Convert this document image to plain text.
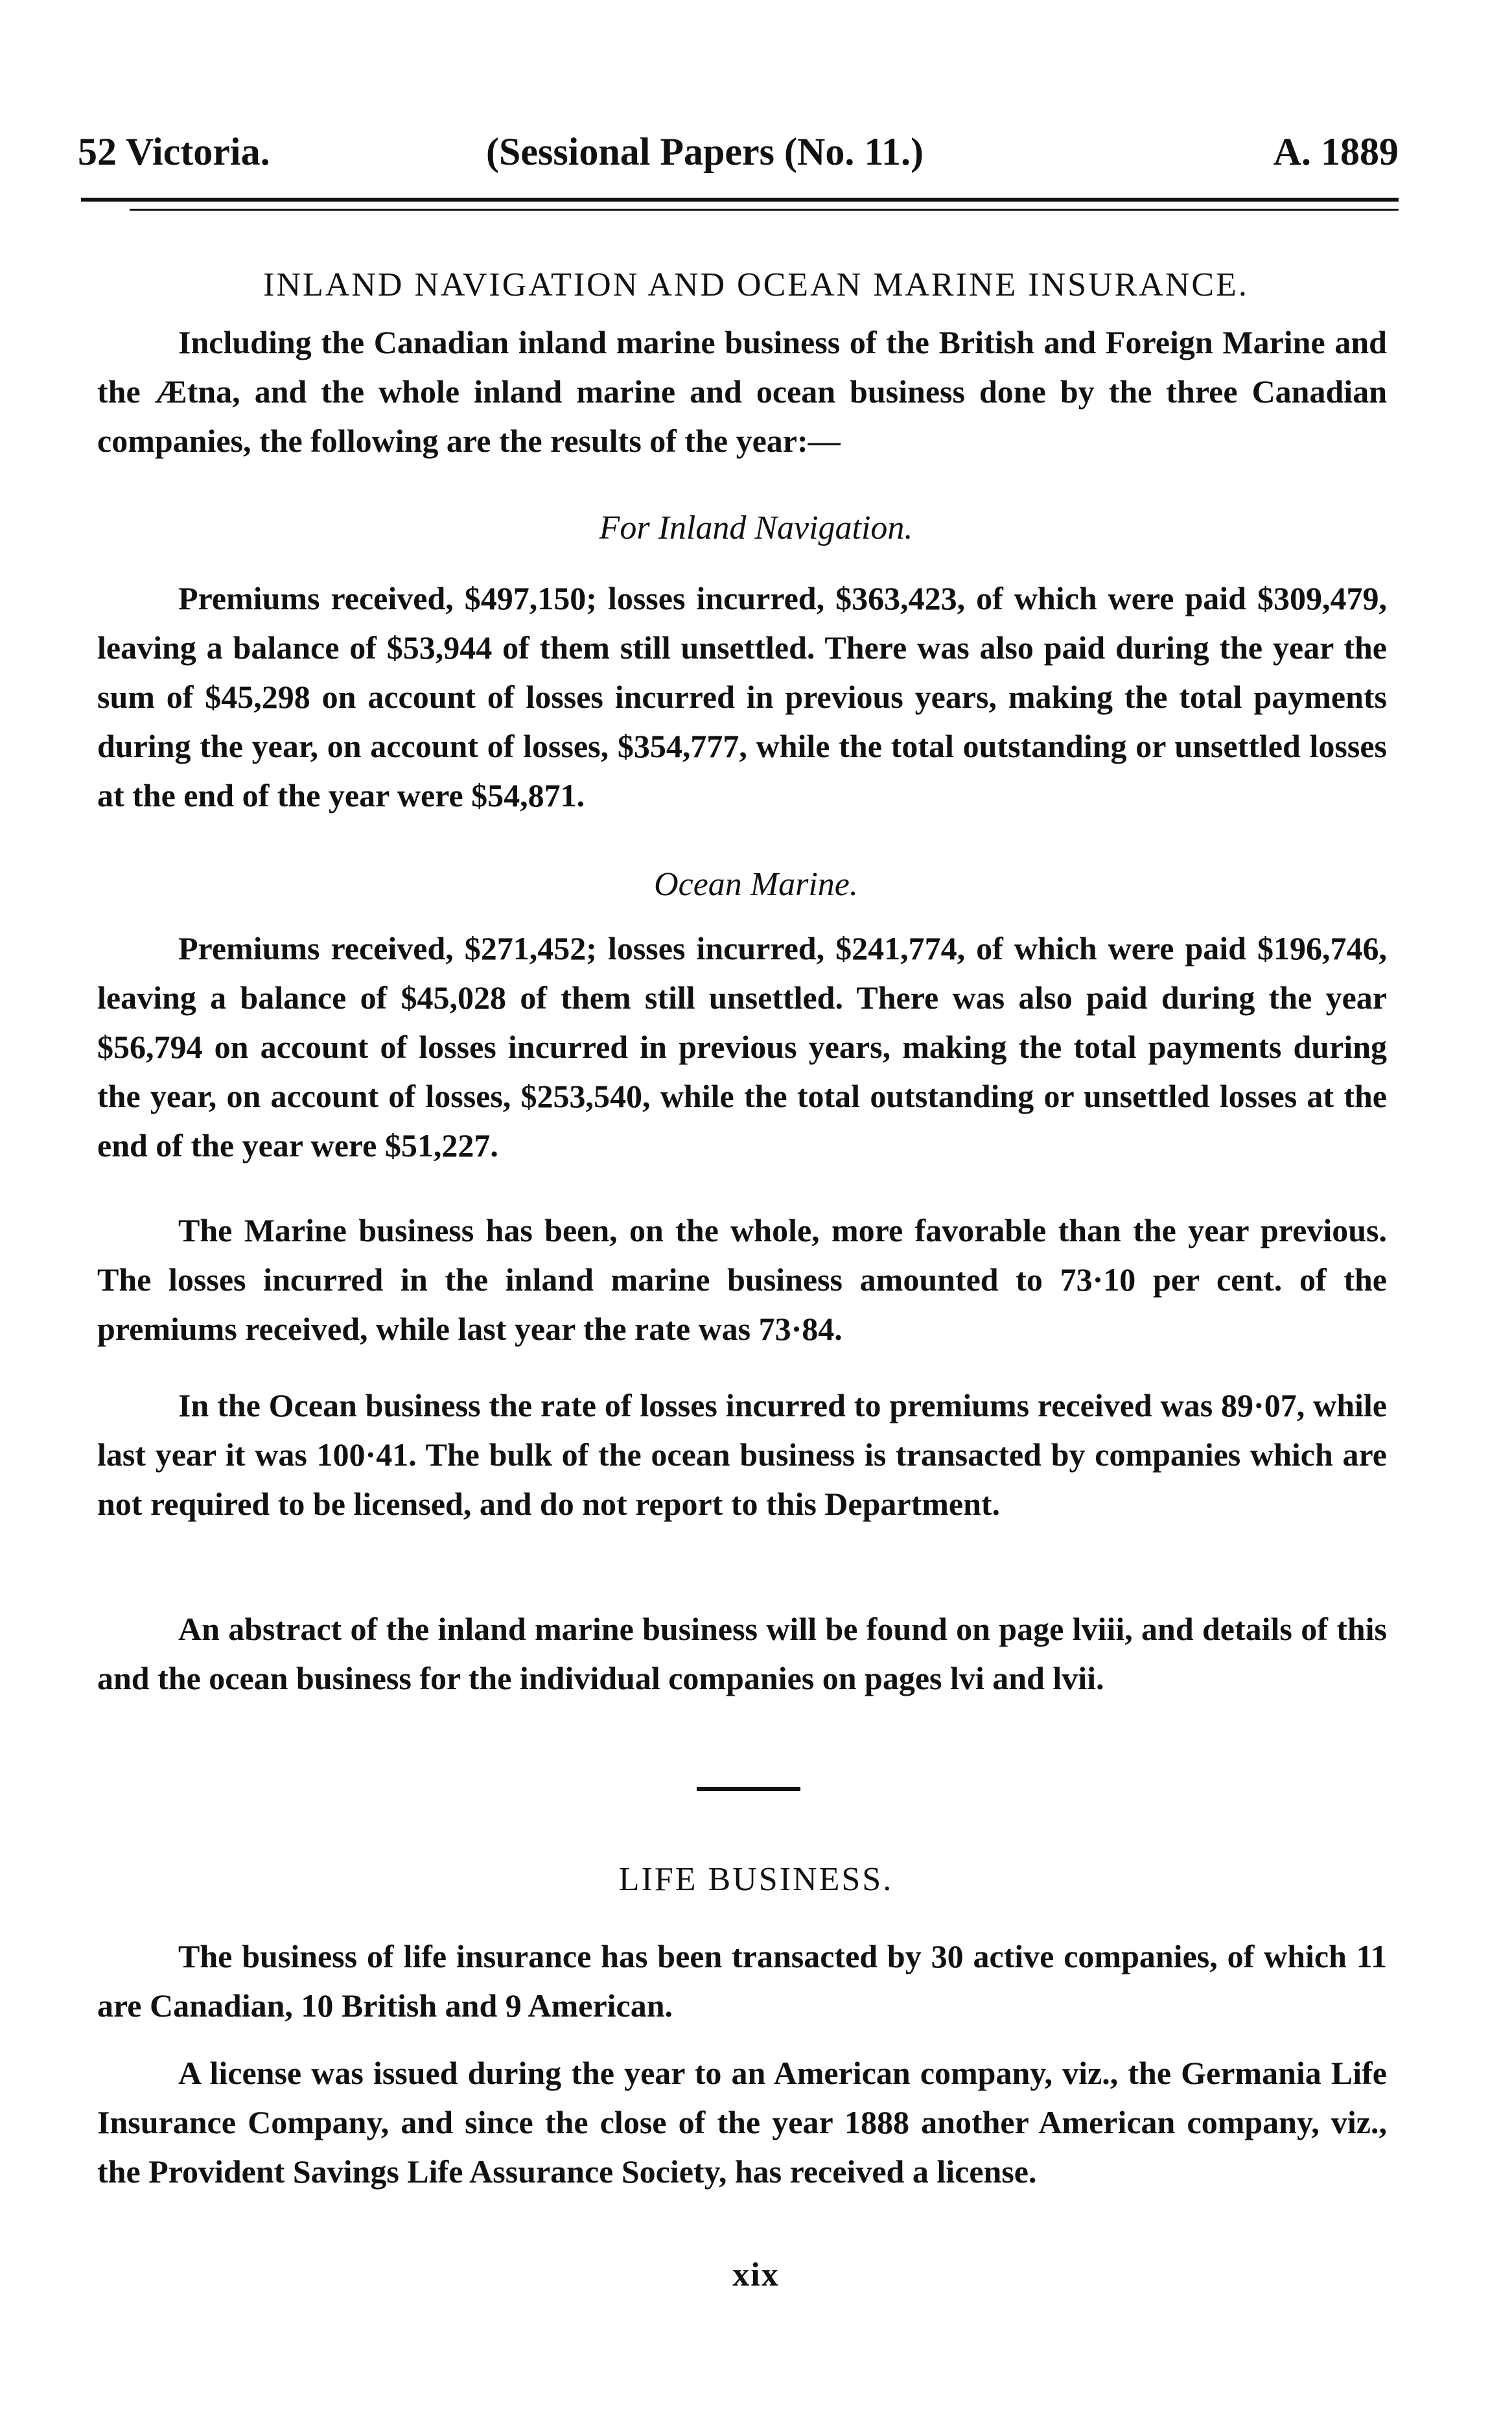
52 Victoria.	(Sessional Papers (No. 11.)	A. 1889
INLAND NAVIGATION AND OCEAN MARINE INSURANCE.

Including the Canadian inland marine business of the British and Foreign Marine and the Ætna, and the whole inland marine and ocean business done by the three Canadian companies, the following are the results of the year:—

For Inland Navigation.

Premiums received, $497,150; losses incurred, $363,423, of which were paid $309,479, leaving a balance of $53,944 of them still unsettled. There was also paid during the year the sum of $45,298 on account of losses incurred in previous years, making the total payments during the year, on account of losses, $354,777, while the total outstanding or unsettled losses at the end of the year were $54,871.

Ocean Marine.

Premiums received, $271,452; losses incurred, $241,774, of which were paid $196,746, leaving a balance of $45,028 of them still unsettled. There was also paid during the year $56,794 on account of losses incurred in previous years, making the total payments during the year, on account of losses, $253,540, while the total outstanding or unsettled losses at the end of the year were $51,227.

The Marine business has been, on the whole, more favorable than the year previous. The losses incurred in the inland marine business amounted to 73·10 per cent. of the premiums received, while last year the rate was 73·84.

In the Ocean business the rate of losses incurred to premiums received was 89·07, while last year it was 100·41. The bulk of the ocean business is transacted by companies which are not required to be licensed, and do not report to this Department.

An abstract of the inland marine business will be found on page lviii, and details of this and the ocean business for the individual companies on pages lvi and lvii.

LIFE BUSINESS.

The business of life insurance has been transacted by 30 active companies, of which 11 are Canadian, 10 British and 9 American.

A license was issued during the year to an American company, viz., the Germania Life Insurance Company, and since the close of the year 1888 another American company, viz., the Provident Savings Life Assurance Society, has received a license.

xix
